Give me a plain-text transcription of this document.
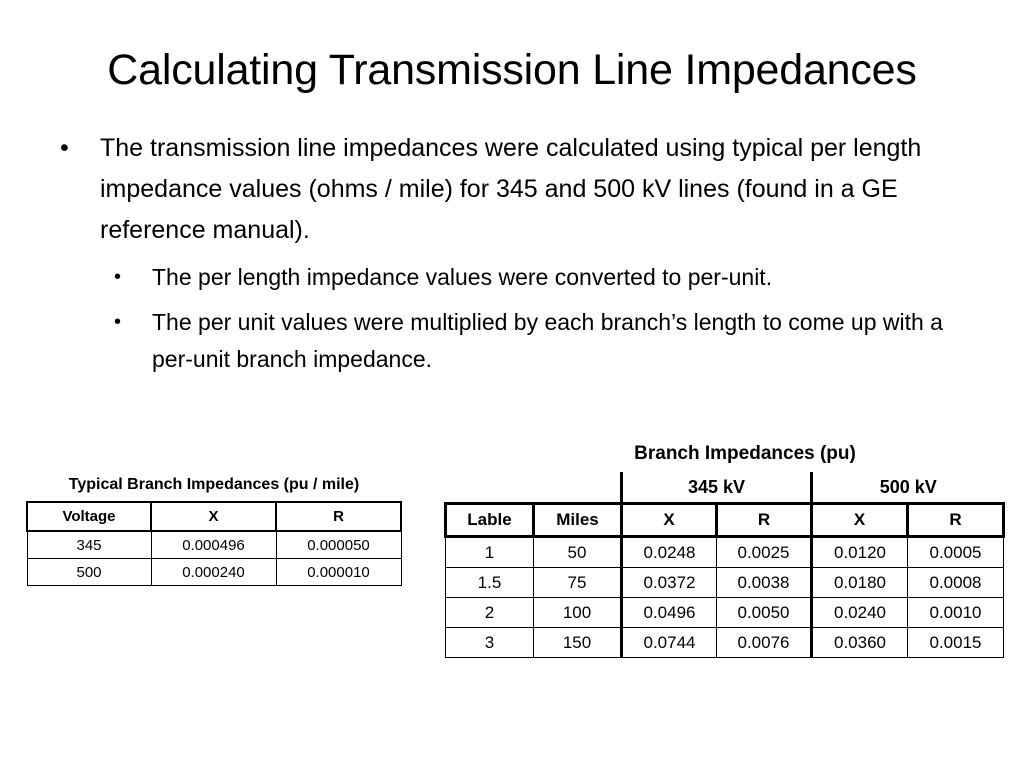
Calculating Transmission Line Impedances
• The transmission line impedances were calculated using typical per length impedance values (ohms / mile) for 345 and 500 kV lines (found in a GE reference manual).
• The per length impedance values were converted to per-unit.
• The per unit values were multiplied by each branch’s length to come up with a per-unit branch impedance.
Typical Branch Impedances (pu / mile)
Voltage	X	R
345	0.000496	0.000050
500	0.000240	0.000010
Branch Impedances (pu)
		345 kV		500 kV	
Lable	Miles	X	R	X	R
1	50	0.0248	0.0025	0.0120	0.0005
1.5	75	0.0372	0.0038	0.0180	0.0008
2	100	0.0496	0.0050	0.0240	0.0010
3	150	0.0744	0.0076	0.0360	0.0015
